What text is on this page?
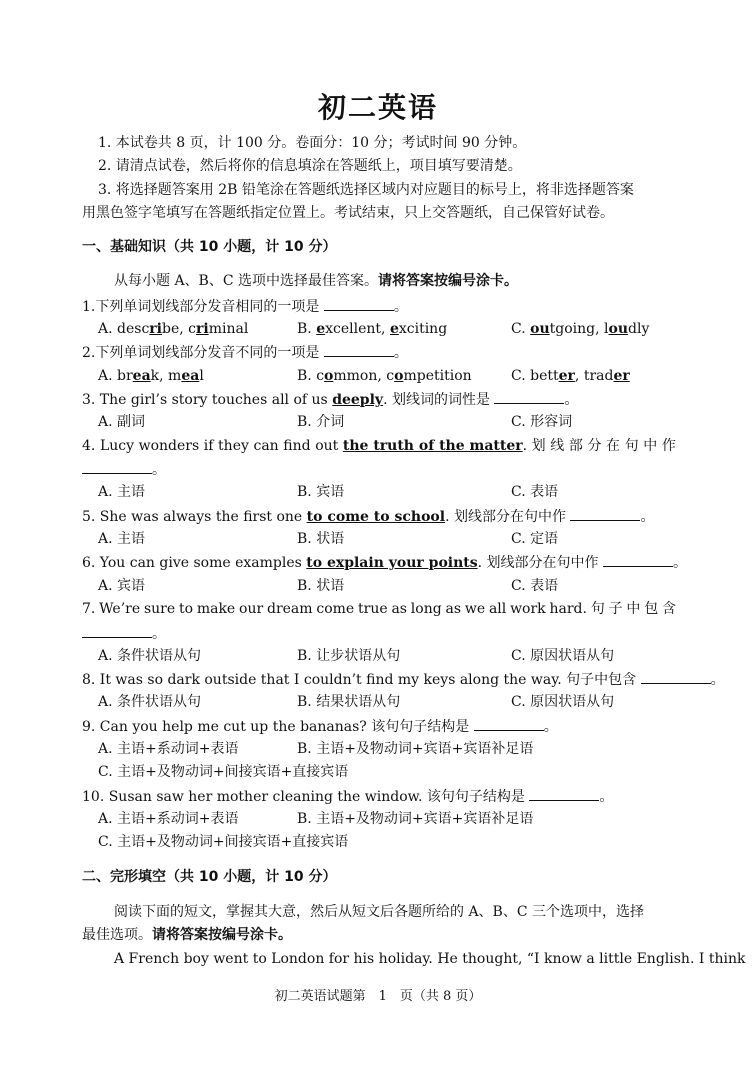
初二英语
1. 本试卷共 8 页，计 100 分。卷面分：10 分；考试时间 90 分钟。
2. 请清点试卷，然后将你的信息填涂在答题纸上，项目填写要清楚。
3. 将选择题答案用 2B 铅笔涂在答题纸选择区域内对应题目的标号上，将非选择题答案
用黑色签字笔填写在答题纸指定位置上。考试结束，只上交答题纸，自己保管好试卷。
一、基础知识（共 10 小题，计 10 分）
从每小题 A、B、C 选项中选择最佳答案。请将答案按编号涂卡。
1.下列单词划线部分发音相同的一项是	。
A. describe, criminal	B. excellent, exciting	C. outgoing, loudly
2.下列单词划线部分发音不同的一项是	。
A. break, meal	B. common, competition	C. better, trader
3. The girl’s story touches all of us deeply. 划线词的词性是	。
A. 副词	B. 介词	C. 形容词
4. Lucy wonders if they can find out the truth of the matter. 划 线 部 分 在 句 中 作
。
A. 主语	B. 宾语	C. 表语
5. She was always the first one to come to school. 划线部分在句中作	。
A. 主语	B. 状语	C. 定语
6. You can give some examples to explain your points. 划线部分在句中作	。
A. 宾语	B. 状语	C. 表语
7. We’re sure to make our dream come true as long as we all work hard. 句 子 中 包 含
。
A. 条件状语从句	B. 让步状语从句	C. 原因状语从句
8. It was so dark outside that I couldn’t find my keys along the way. 句子中包含	。
A. 条件状语从句	B. 结果状语从句	C. 原因状语从句
9. Can you help me cut up the bananas? 该句句子结构是	。
A. 主语+系动词+表语	B. 主语+及物动词+宾语+宾语补足语
C. 主语+及物动词+间接宾语+直接宾语
10. Susan saw her mother cleaning the window. 该句句子结构是	。
A. 主语+系动词+表语	B. 主语+及物动词+宾语+宾语补足语
C. 主语+及物动词+间接宾语+直接宾语
二、完形填空（共 10 小题，计 10 分）
阅读下面的短文，掌握其大意，然后从短文后各题所给的 A、B、C 三个选项中，选择
最佳选项。请将答案按编号涂卡。
A French boy went to London for his holiday. He thought, “I know a little English. I think
初二英语试题第　1　页（共 8 页）
